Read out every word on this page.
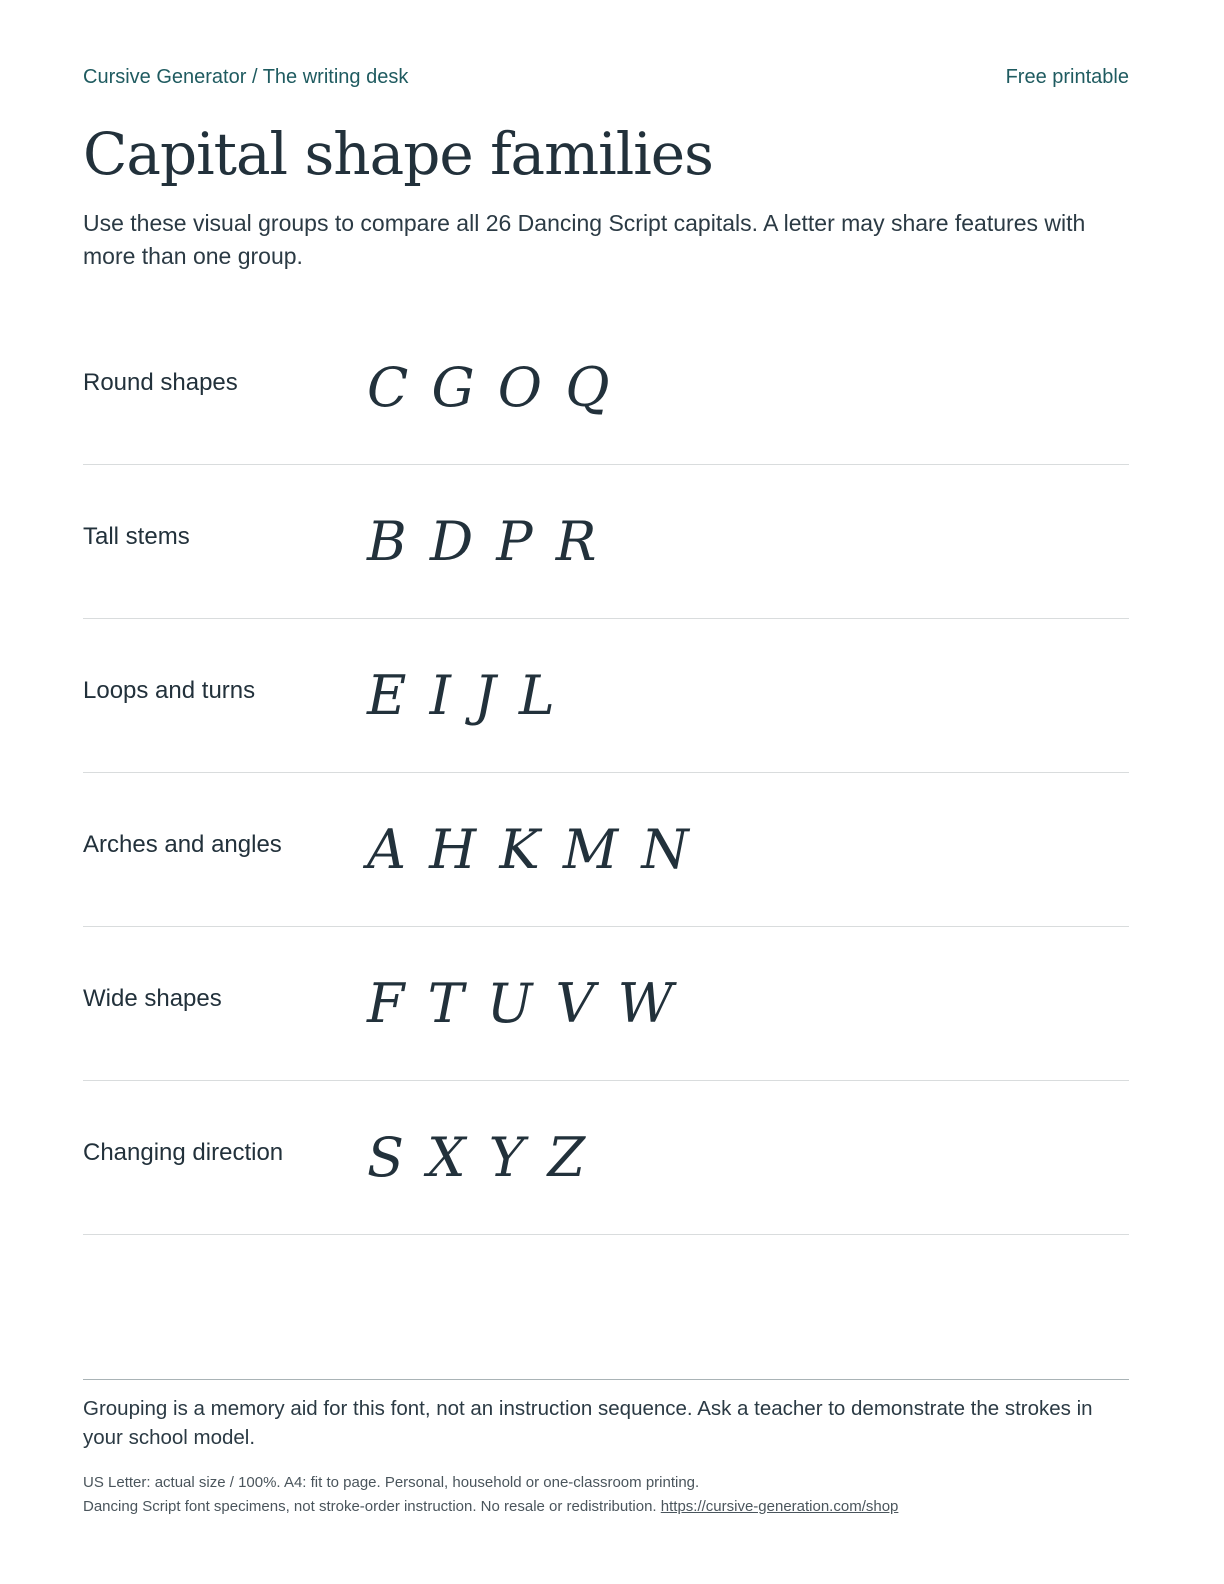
Cursive Generator / The writing desk	Free printable
Capital shape families

Use these visual groups to compare all 26 Dancing Script capitals. A letter may share features with more than one group.

Round shapes	C G O Q
Tall stems	B D P R
Loops and turns	E I J L
Arches and angles	A H K M N
Wide shapes	F T U V W
Changing direction	S X Y Z

Grouping is a memory aid for this font, not an instruction sequence. Ask a teacher to demonstrate the strokes in your school model.

US Letter: actual size / 100%. A4: fit to page. Personal, household or one-classroom printing.
Dancing Script font specimens, not stroke-order instruction. No resale or redistribution. https://cursive-generation.com/shop
